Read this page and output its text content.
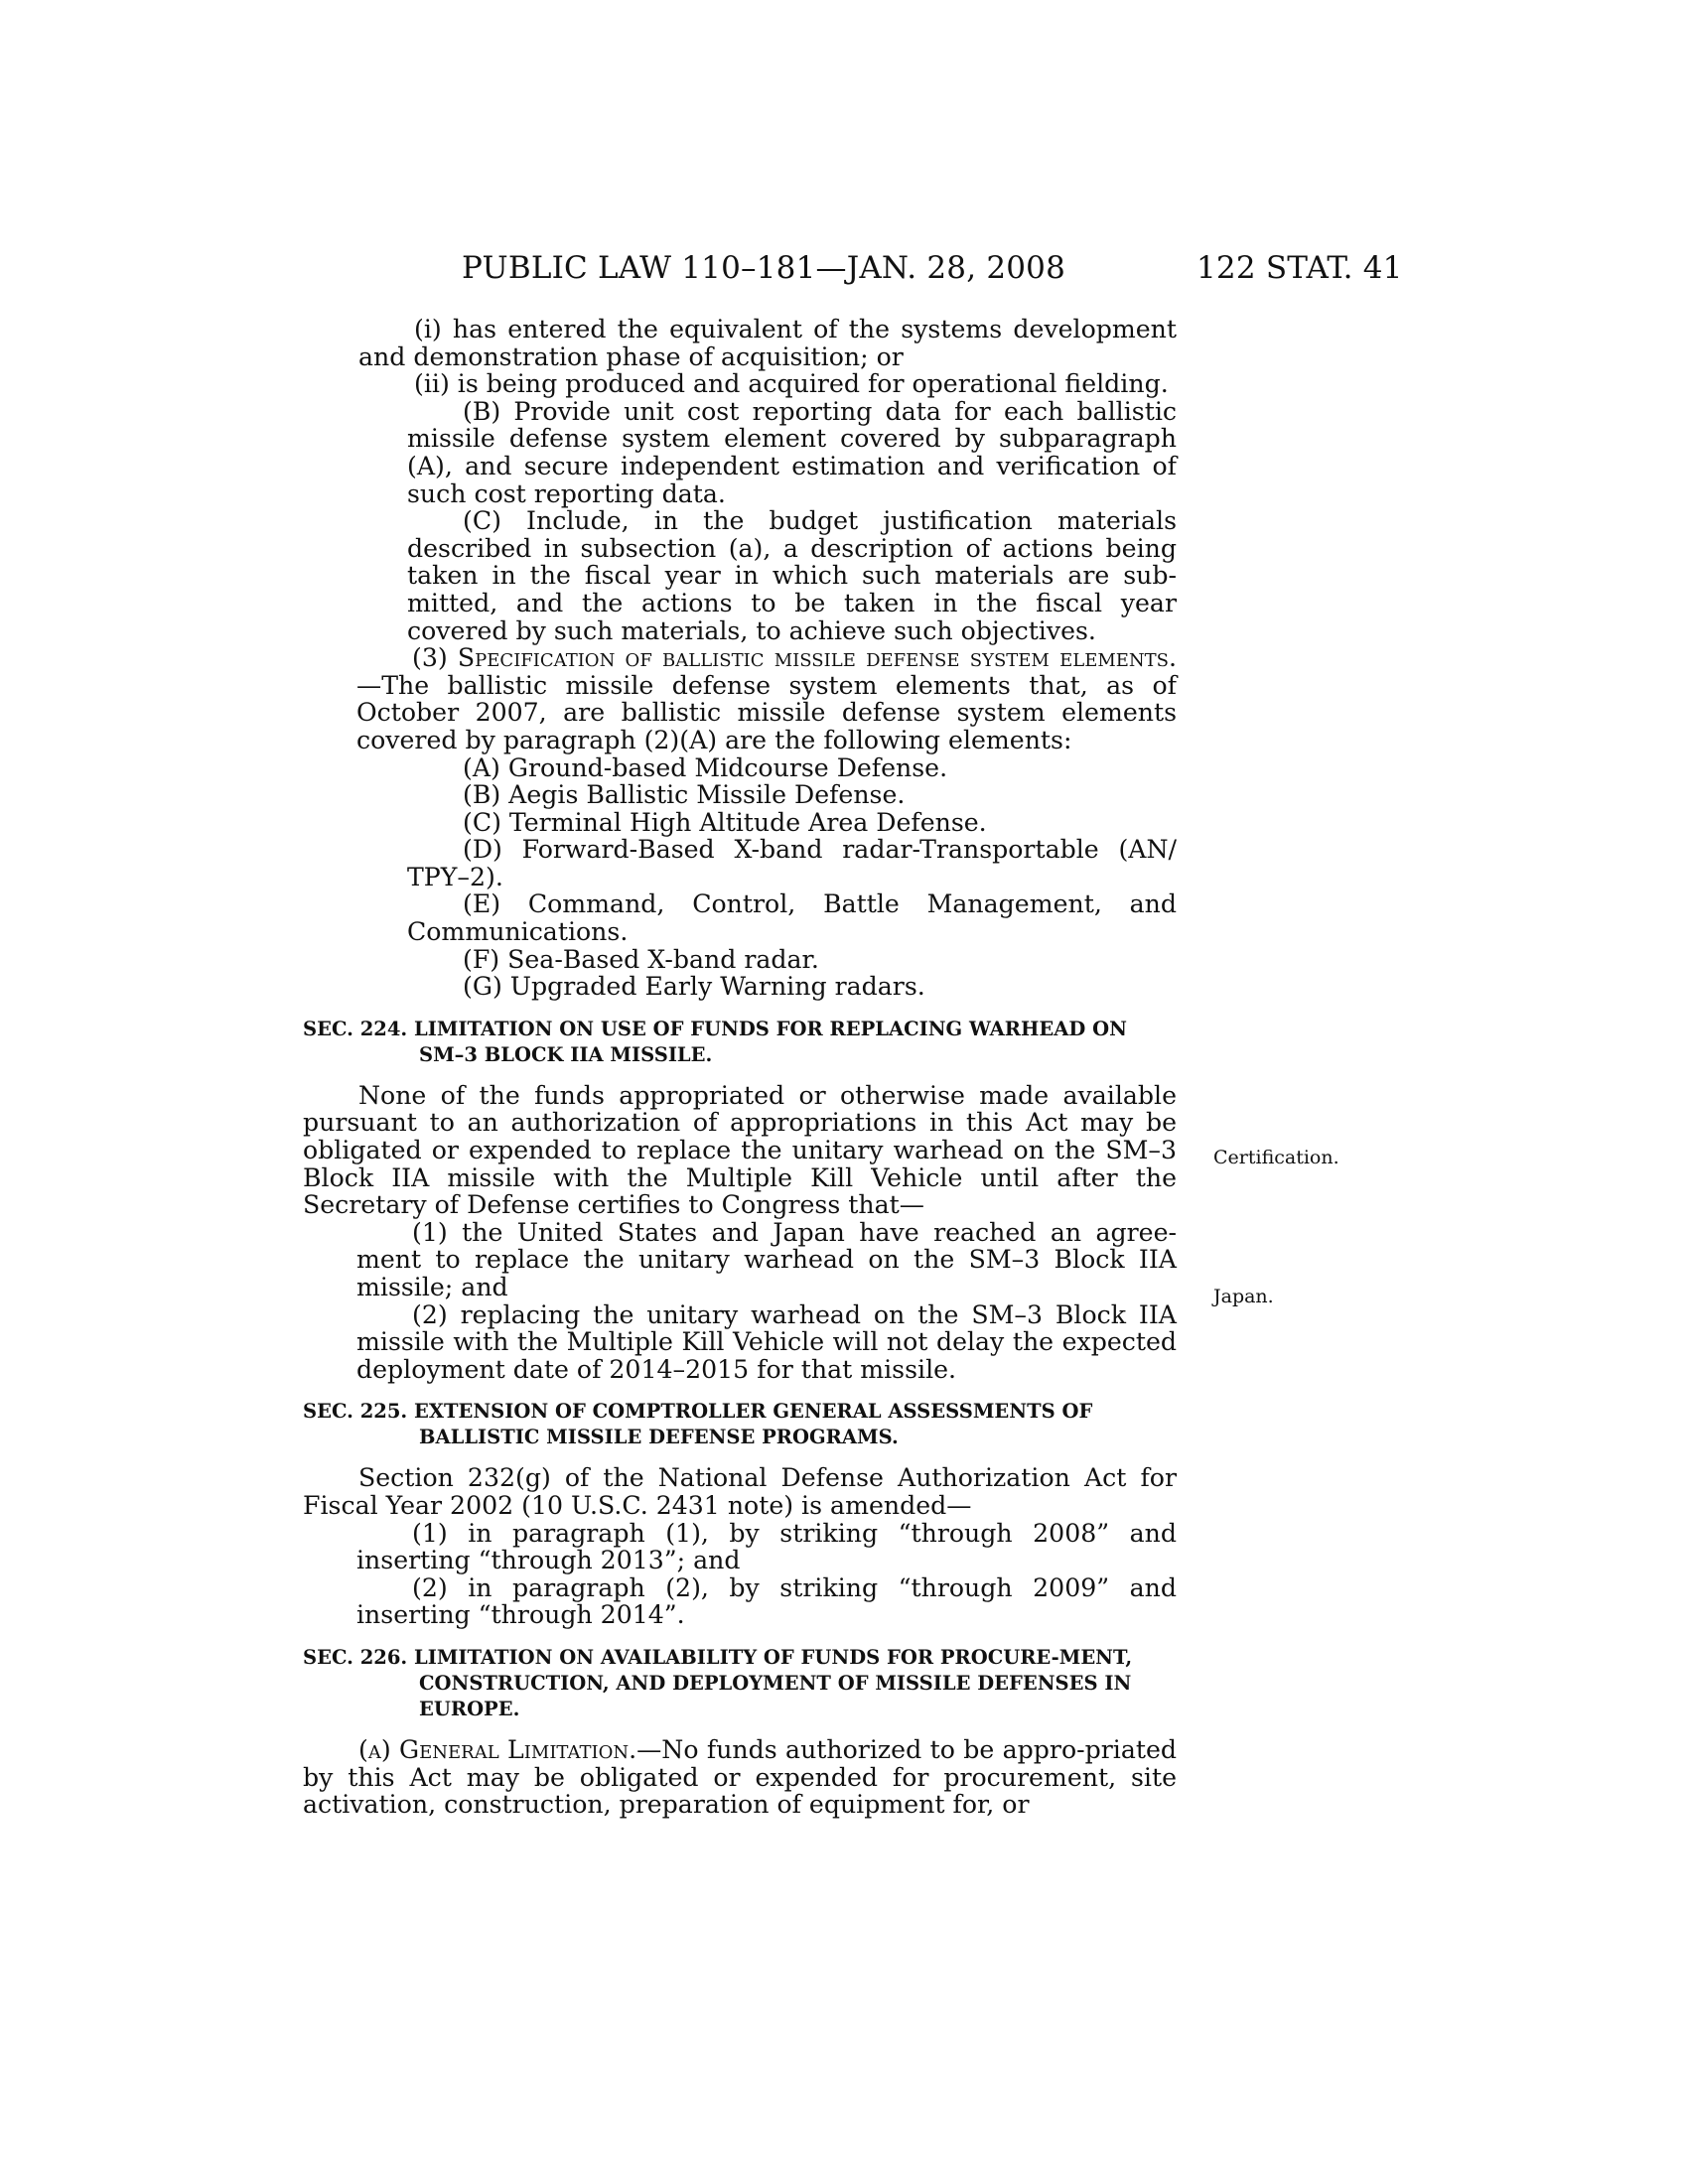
PUBLIC LAW 110–181—JAN. 28, 2008	122 STAT. 41

(i) has entered the equivalent of the systems development and demonstration phase of acquisition; or

(ii) is being produced and acquired for operational fielding.

(B) Provide unit cost reporting data for each ballistic missile defense system element covered by subparagraph (A), and secure independent estimation and verification of such cost reporting data.

(C) Include, in the budget justification materials described in subsection (a), a description of actions being taken in the fiscal year in which such materials are sub-mitted, and the actions to be taken in the fiscal year covered by such materials, to achieve such objectives.

(3) Specification of ballistic missile defense system elements.—The ballistic missile defense system elements that, as of October 2007, are ballistic missile defense system elements covered by paragraph (2)(A) are the following elements:

(A) Ground-based Midcourse Defense.

(B) Aegis Ballistic Missile Defense.

(C) Terminal High Altitude Area Defense.

(D) Forward-Based X-band radar-Transportable (AN/ TPY–2).

(E) Command, Control, Battle Management, and Communications.

(F) Sea-Based X-band radar.

(G) Upgraded Early Warning radars.

SEC. 224. LIMITATION ON USE OF FUNDS FOR REPLACING WARHEAD ON SM–3 BLOCK IIA MISSILE.

None of the funds appropriated or otherwise made available pursuant to an authorization of appropriations in this Act may be obligated or expended to replace the unitary warhead on the SM–3 Block IIA missile with the Multiple Kill Vehicle until after the Secretary of Defense certifies to Congress that—

(1) the United States and Japan have reached an agree-ment to replace the unitary warhead on the SM–3 Block IIA missile; and

(2) replacing the unitary warhead on the SM–3 Block IIA missile with the Multiple Kill Vehicle will not delay the expected deployment date of 2014–2015 for that missile.

SEC. 225. EXTENSION OF COMPTROLLER GENERAL ASSESSMENTS OF BALLISTIC MISSILE DEFENSE PROGRAMS.

Section 232(g) of the National Defense Authorization Act for Fiscal Year 2002 (10 U.S.C. 2431 note) is amended—

(1) in paragraph (1), by striking “through 2008” and inserting “through 2013”; and

(2) in paragraph (2), by striking “through 2009” and inserting “through 2014”.

SEC. 226. LIMITATION ON AVAILABILITY OF FUNDS FOR PROCURE-MENT, CONSTRUCTION, AND DEPLOYMENT OF MISSILE DEFENSES IN EUROPE.

(a) General Limitation.—No funds authorized to be appro-priated by this Act may be obligated or expended for procurement, site activation, construction, preparation of equipment for, or

Certification.
Japan.
